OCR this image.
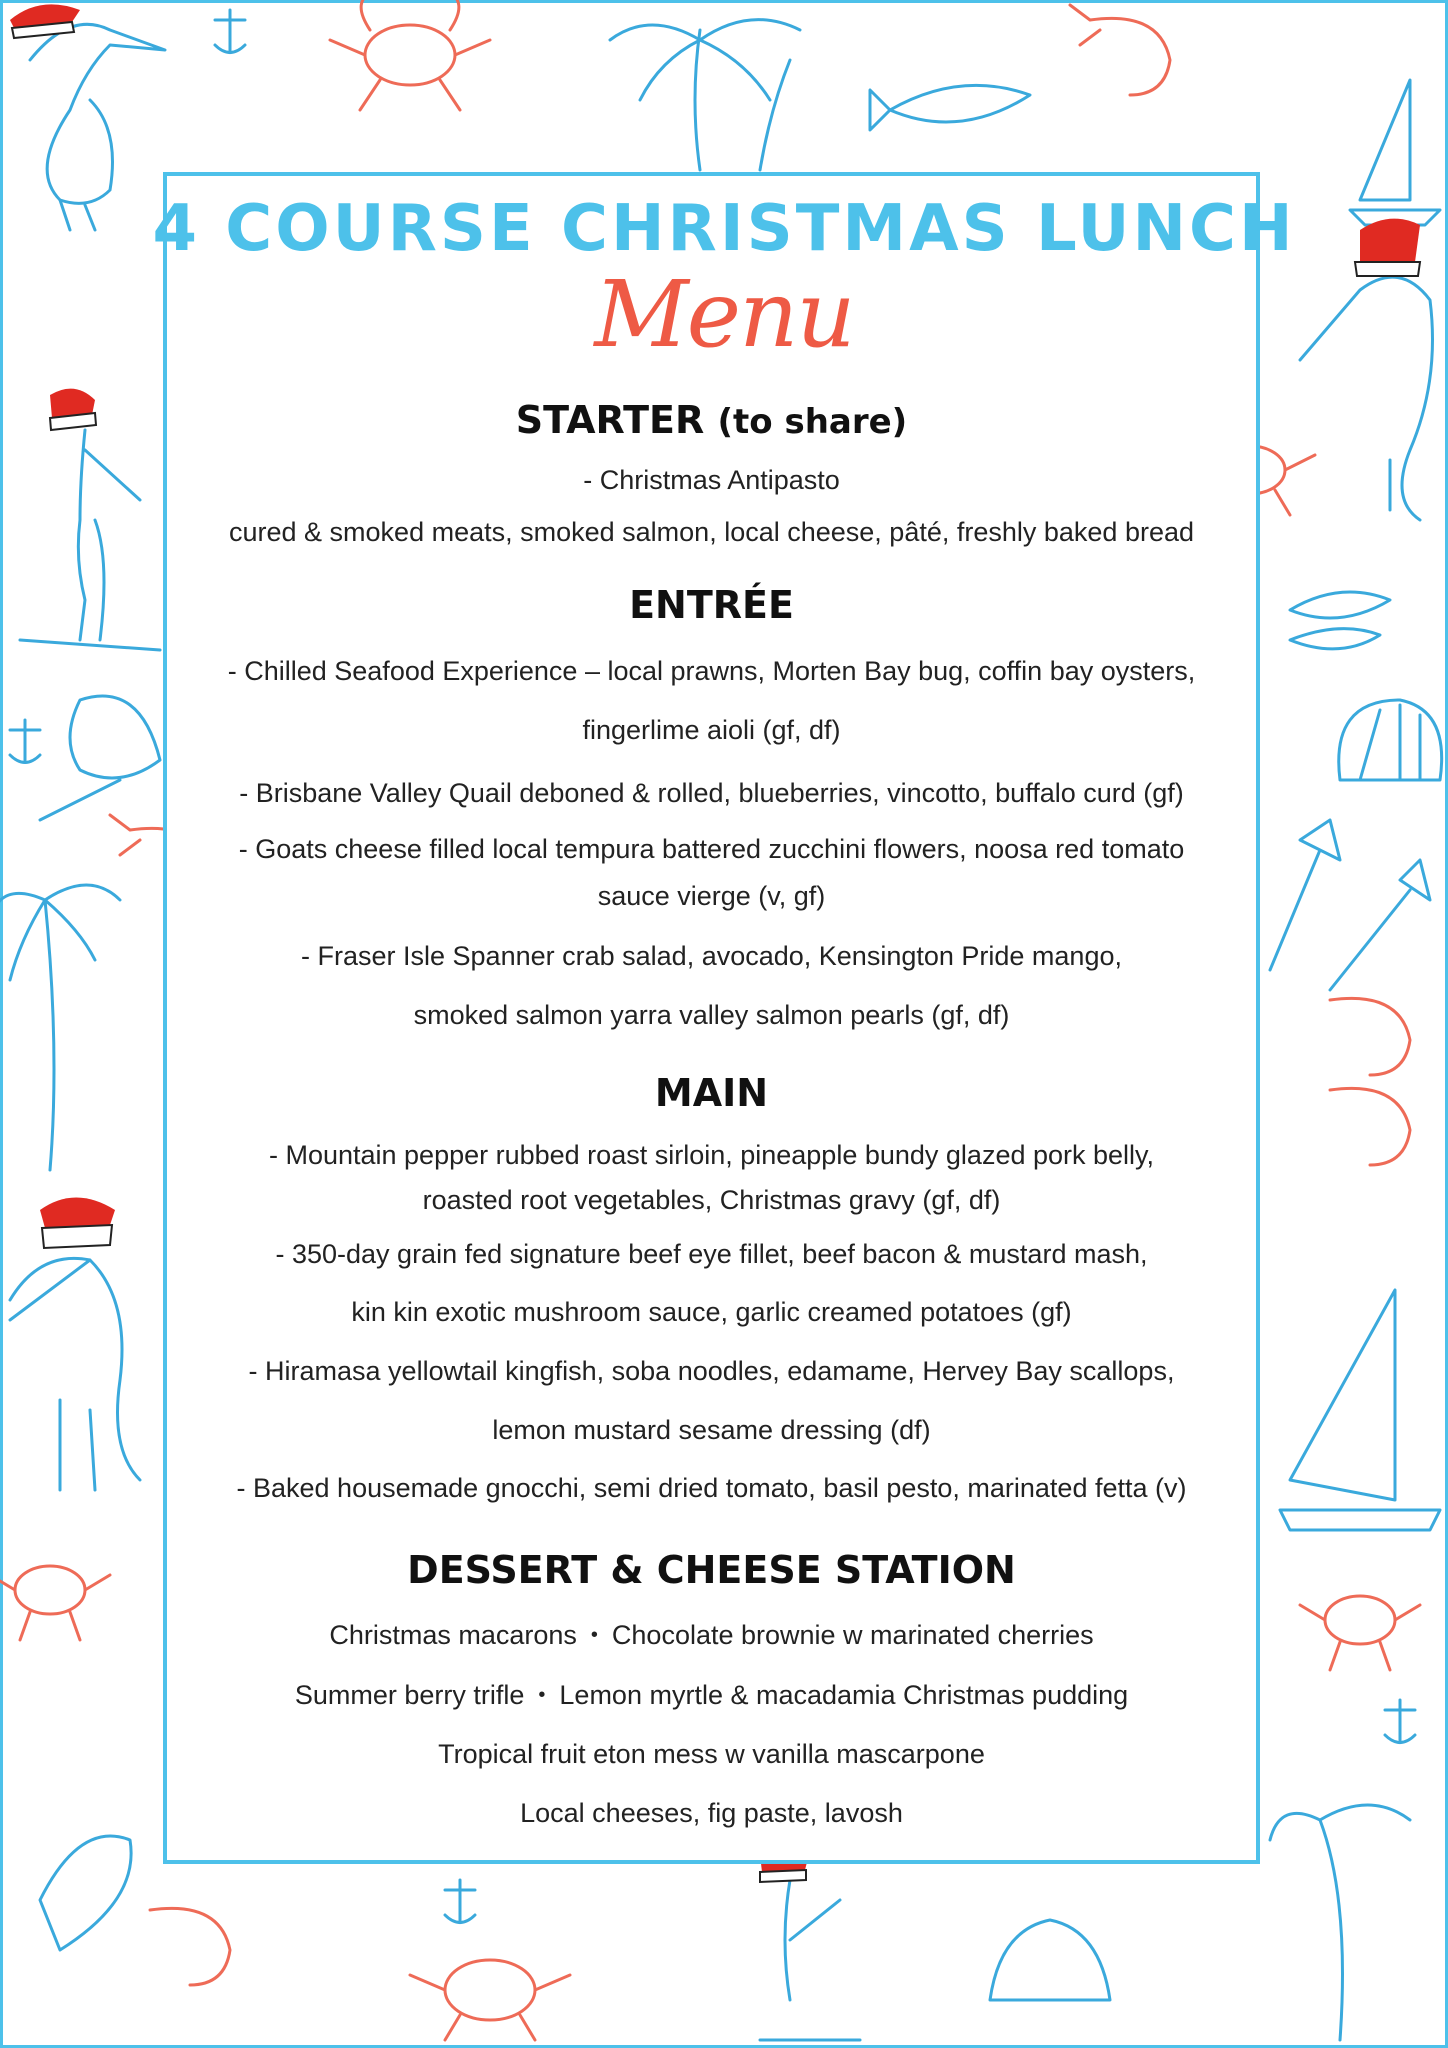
4 COURSE CHRISTMAS LUNCH
Menu
STARTER (to share)
- Christmas Antipasto
cured & smoked meats, smoked salmon, local cheese, pâté, freshly baked bread
ENTRÉE
- Chilled Seafood Experience – local prawns, Morten Bay bug, coffin bay oysters,
fingerlime aioli (gf, df)
- Brisbane Valley Quail deboned & rolled, blueberries, vincotto, buffalo curd (gf)
- Goats cheese filled local tempura battered zucchini flowers, noosa red tomato
sauce vierge (v, gf)
- Fraser Isle Spanner crab salad, avocado, Kensington Pride mango,
smoked salmon yarra valley salmon pearls (gf, df)
MAIN
- Mountain pepper rubbed roast sirloin, pineapple bundy glazed pork belly,
roasted root vegetables, Christmas gravy (gf, df)
- 350-day grain fed signature beef eye fillet, beef bacon & mustard mash,
kin kin exotic mushroom sauce, garlic creamed potatoes (gf)
- Hiramasa yellowtail kingfish, soba noodles, edamame, Hervey Bay scallops,
lemon mustard sesame dressing (df)
- Baked housemade gnocchi, semi dried tomato, basil pesto, marinated fetta (v)
DESSERT & CHEESE STATION
Christmas macarons • Chocolate brownie w marinated cherries
Summer berry trifle • Lemon myrtle & macadamia Christmas pudding
Tropical fruit eton mess w vanilla mascarpone
Local cheeses, fig paste, lavosh
